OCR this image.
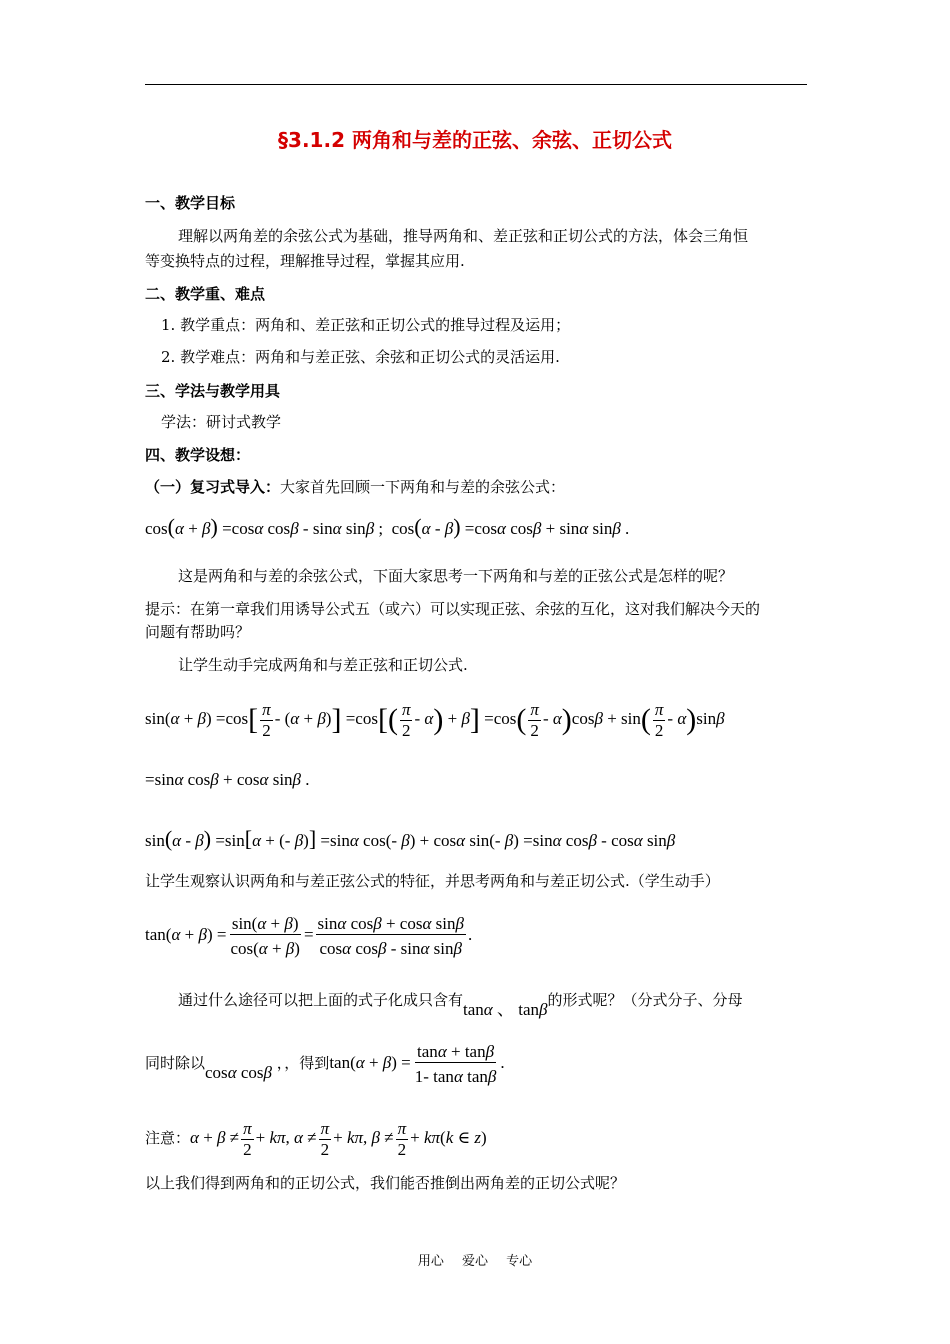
§3.1.2 两角和与差的正弦、余弦、正切公式
一、教学目标
理解以两角差的余弦公式为基础，推导两角和、差正弦和正切公式的方法，体会三角恒
等变换特点的过程，理解推导过程，掌握其应用.
二、教学重、难点
1. 教学重点：两角和、差正弦和正切公式的推导过程及运用；
2. 教学难点：两角和与差正弦、余弦和正切公式的灵活运用.
三、学法与教学用具
学法：研讨式教学
四、教学设想：
（一）复习式导入：大家首先回顾一下两角和与差的余弦公式：
cos(α + β) =cosα cosβ - sinα sinβ ;  cos(α - β) =cosα cosβ + sinα sinβ .
这是两角和与差的余弦公式，下面大家思考一下两角和与差的正弦公式是怎样的呢？
提示：在第一章我们用诱导公式五（或六）可以实现正弦、余弦的互化，这对我们解决今天的
问题有帮助吗？
让学生动手完成两角和与差正弦和正切公式.
$\sin(\alpha + \beta) =\cos[ \frac{\pi}{2} - (\alpha + \beta)] =\cos[( \frac{\pi}{2} - \alpha) + \beta] =\cos( \frac{\pi}{2} - \alpha)\cos\beta + \sin( \frac{\pi}{2} - \alpha)\sin\beta$
=sinα cosβ + cosα sinβ .
sin(α - β) =sin[α + (- β)] =sinα cos(- β) + cosα sin(- β) =sinα cosβ - cosα sinβ
让学生观察认识两角和与差正弦公式的特征，并思考两角和与差正切公式.（学生动手）
$\tan(\alpha + \beta) = \frac{\sin(\alpha + \beta)}{\cos(\alpha + \beta)} = \frac{\text{sinα cosβ + cosα sinβ}}{\text{cosα cosβ - sinα sinβ}}$ .
通过什么途径可以把上面的式子化成只含有tanα 、 tanβ的形式呢？（分式分子、分母
同时除以cosα cosβ ，，得到$\tan(\alpha + \beta) = \frac{\tan\alpha + \tan\beta}{\text{1- tanα tanβ}}$ .
注意：$\alpha + \beta \ne \frac{\pi}{2} + k\pi$, $\alpha \ne \frac{\pi}{2} + k\pi$, $\beta \ne \frac{\pi}{2} + k\pi(k$ ∈ z)
以上我们得到两角和的正切公式，我们能否推倒出两角差的正切公式呢？
用心 爱心 专心
